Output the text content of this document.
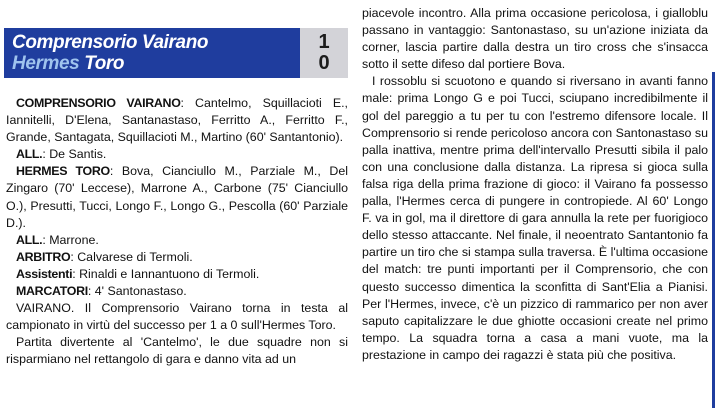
Comprensorio Vairano
Hermes Toro
1
0

COMPRENSORIO VAIRANO: Cantelmo, Squillacioti E., Iannitelli, D'Elena, Santanastaso, Ferritto A., Ferritto F., Grande, Santagata, Squillacioti M., Martino (60' Santantonio).

ALL.: De Santis.

HERMES TORO: Bova, Cianciullo M., Parziale M., Del Zingaro (70' Leccese), Marrone A., Carbone (75' Cianciullo O.), Presutti, Tucci, Longo F., Longo G., Pescolla (60' Parziale D.).

ALL.: Marrone.

ARBITRO: Calvarese di Termoli.

Assistenti: Rinaldi e Iannantuono di Termoli.

MARCATORI: 4' Santonastaso.

VAIRANO. Il Comprensorio Vairano torna in testa al campionato in virtù del successo per 1 a 0 sull'Hermes Toro.

Partita divertente al 'Cantelmo', le due squadre non si risparmiano nel rettangolo di gara e danno vita ad un

piacevole incontro. Alla prima occasione pericolosa, i gialloblu passano in vantaggio: Santonastaso, su un'azione iniziata da corner, lascia partire dalla destra un tiro cross che s'insacca sotto il sette difeso dal portiere Bova.

I rossoblu si scuotono e quando si riversano in avanti fanno male: prima Longo G e poi Tucci, sciupano incredibilmente il gol del pareggio a tu per tu con l'estremo difensore locale. Il Comprensorio si rende pericoloso ancora con Santonastaso su palla inattiva, mentre prima dell'intervallo Presutti sibila il palo con una conclusione dalla distanza. La ripresa si gioca sulla falsa riga della prima frazione di gioco: il Vairano fa possesso palla, l'Hermes cerca di pungere in contropiede. Al 60' Longo F. va in gol, ma il direttore di gara annulla la rete per fuorigioco dello stesso attaccante. Nel finale, il neoentrato Santantonio fa partire un tiro che si stampa sulla traversa. È l'ultima occasione del match: tre punti importanti per il Comprensorio, che con questo successo dimentica la sconfitta di Sant'Elia a Pianisi. Per l'Hermes, invece, c'è un pizzico di rammarico per non aver saputo capitalizzare le due ghiotte occasioni create nel primo tempo. La squadra torna a casa a mani vuote, ma la prestazione in campo dei ragazzi è stata più che positiva.
